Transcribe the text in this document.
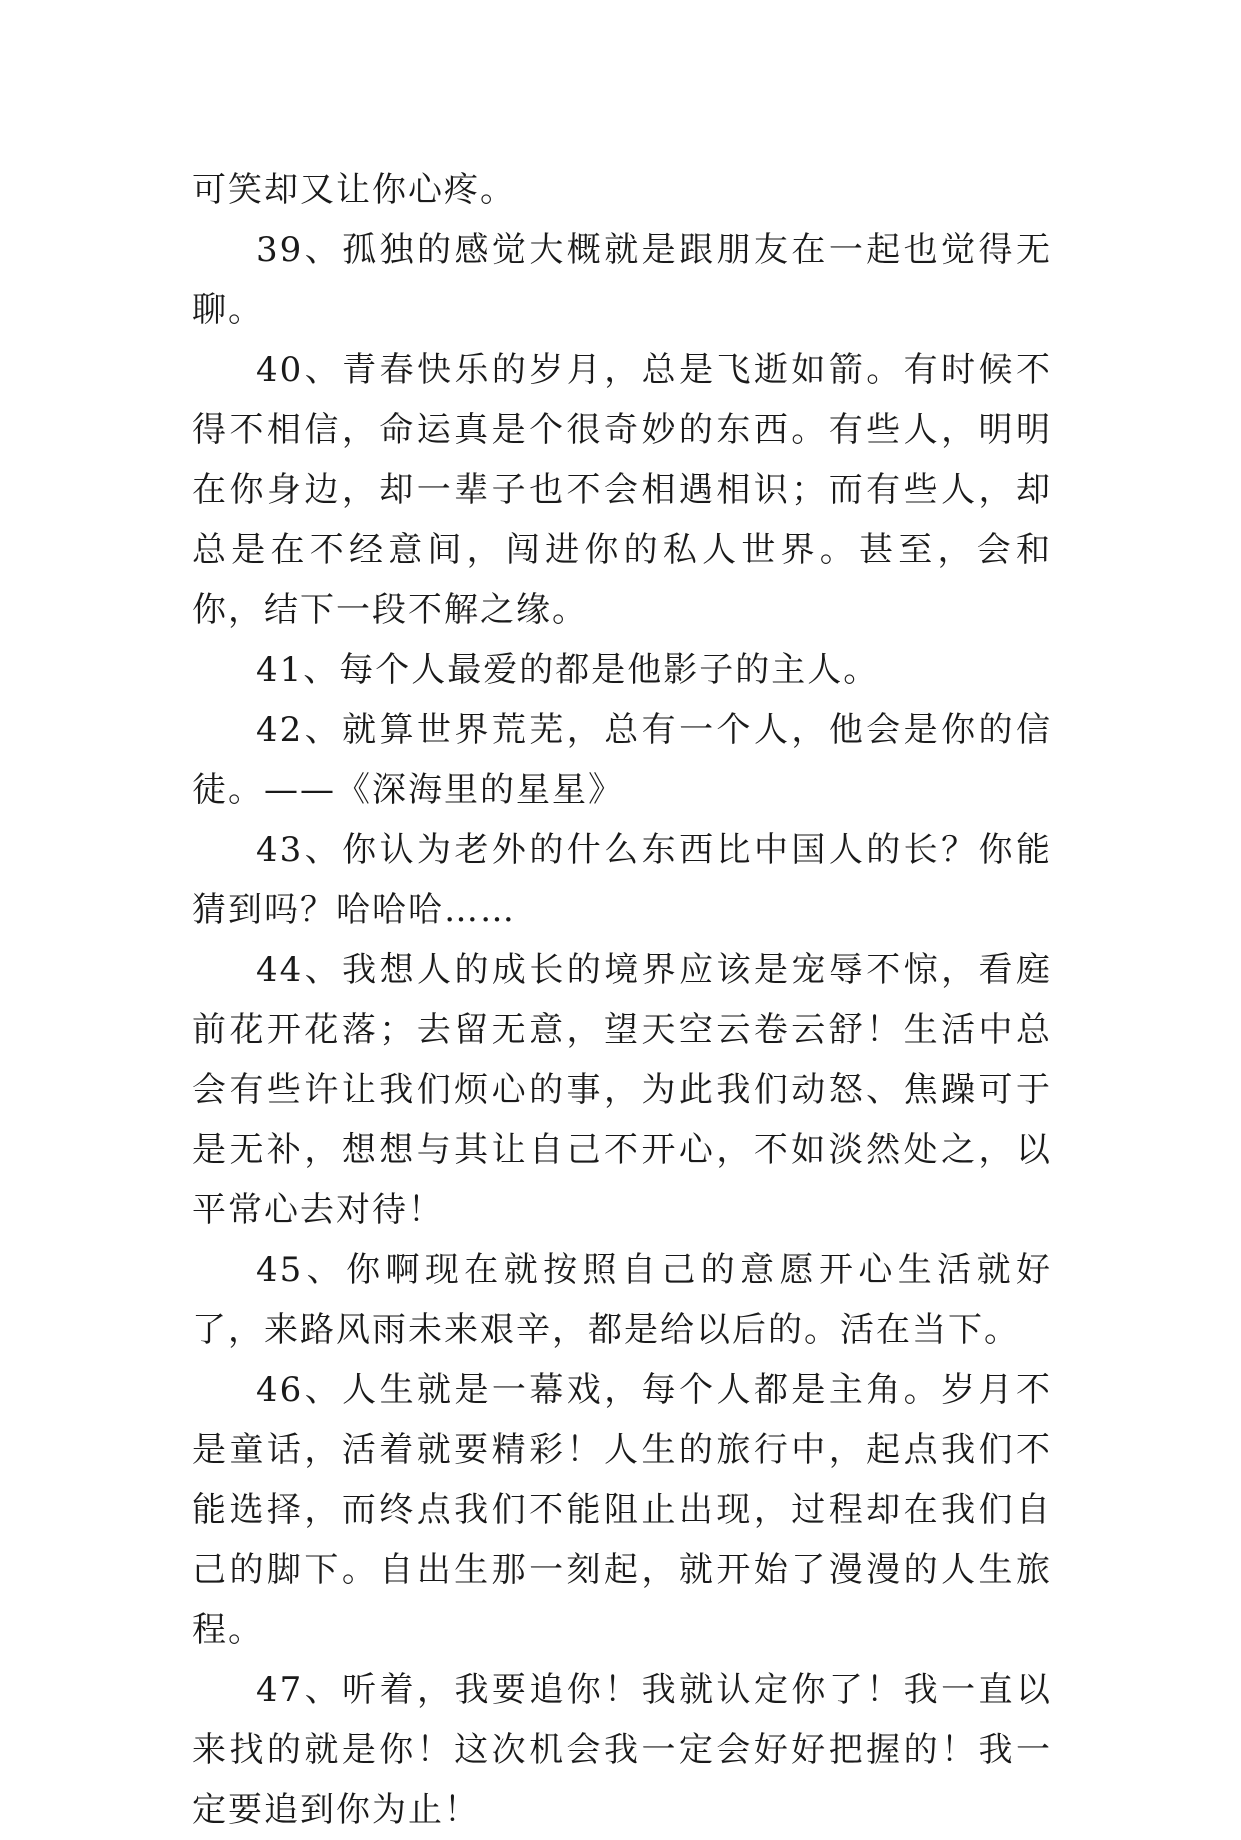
可笑却又让你心疼。

39、孤独的感觉大概就是跟朋友在一起也觉得无聊。

40、青春快乐的岁月，总是飞逝如箭。有时候不得不相信，命运真是个很奇妙的东西。有些人，明明在你身边，却一辈子也不会相遇相识；而有些人，却总是在不经意间，闯进你的私人世界。甚至，会和你，结下一段不解之缘。

41、每个人最爱的都是他影子的主人。

42、就算世界荒芜，总有一个人，他会是你的信徒。——《深海里的星星》

43、你认为老外的什么东西比中国人的长？你能猜到吗？哈哈哈……

44、我想人的成长的境界应该是宠辱不惊，看庭前花开花落；去留无意，望天空云卷云舒！生活中总会有些许让我们烦心的事，为此我们动怒、焦躁可于是无补，想想与其让自己不开心，不如淡然处之，以平常心去对待！

45、你啊现在就按照自己的意愿开心生活就好了，来路风雨未来艰辛，都是给以后的。活在当下。

46、人生就是一幕戏，每个人都是主角。岁月不是童话，活着就要精彩！人生的旅行中，起点我们不能选择，而终点我们不能阻止出现，过程却在我们自己的脚下。自出生那一刻起，就开始了漫漫的人生旅程。

47、听着，我要追你！我就认定你了！我一直以来找的就是你！这次机会我一定会好好把握的！我一定要追到你为止！
